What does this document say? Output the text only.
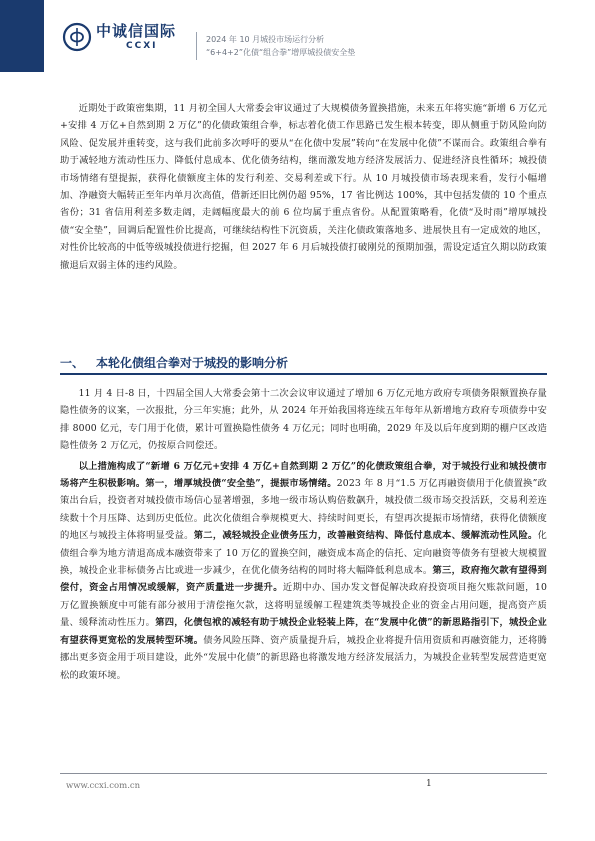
中诚信国际
CCXI
2024 年 10 月城投市场运行分析
“6+4+2”化债“组合拳”增厚城投债安全垫

近期处于政策密集期，11 月初全国人大常委会审议通过了大规模债务置换措施，未来五年将实施“新增 6 万亿元+安排 4 万亿+自然到期 2 万亿”的化债政策组合拳，标志着化债工作思路已发生根本转变，即从侧重于防风险向防风险、促发展并重转变，这与我们此前多次呼吁的要从“在化债中发展”转向“在发展中化债”不谋而合。政策组合拳有助于减轻地方流动性压力、降低付息成本、优化债务结构，继而激发地方经济发展活力、促进经济良性循环；城投债市场情绪有望提振，获得化债额度主体的发行利差、交易利差或下行。从 10 月城投债市场表现来看，发行小幅增加、净融资大幅转正至年内单月次高值，借新还旧比例仍超 95%，17 省比例达 100%，其中包括发债的 10 个重点省份；31 省信用利差多数走阔，走阔幅度最大的前 6 位均属于重点省份。从配置策略看，化债“及时雨”增厚城投债“安全垫”，回调后配置性价比提高，可继续结构性下沉资质，关注化债政策落地多、进展快且有一定成效的地区，对性价比较高的中低等级城投债进行挖掘，但 2027 年 6 月后城投债打破刚兑的预期加强，需设定适宜久期以防政策撤退后双弱主体的违约风险。

一、 本轮化债组合拳对于城投的影响分析

11 月 4 日-8 日，十四届全国人大常委会第十二次会议审议通过了增加 6 万亿元地方政府专项债务限额置换存量隐性债务的议案，一次报批，分三年实施；此外，从 2024 年开始我国将连续五年每年从新增地方政府专项债券中安排 8000 亿元，专门用于化债，累计可置换隐性债务 4 万亿元；同时也明确，2029 年及以后年度到期的棚户区改造隐性债务 2 万亿元，仍按原合同偿还。

以上措施构成了“新增 6 万亿元+安排 4 万亿+自然到期 2 万亿”的化债政策组合拳，对于城投行业和城投债市场将产生积极影响。第一，增厚城投债“安全垫”，提振市场情绪。2023 年 8 月“1.5 万亿再融资债用于化债置换”政策出台后，投资者对城投债市场信心显著增强，多地一级市场认购倍数飙升，城投债二级市场交投活跃，交易利差连续数十个月压降、达到历史低位。此次化债组合拳规模更大、持续时间更长，有望再次提振市场情绪，获得化债额度的地区与城投主体将明显受益。第二，减轻城投企业债务压力，改善融资结构、降低付息成本、缓解流动性风险。化债组合拳为地方清退高成本融资带来了 10 万亿的置换空间，融资成本高企的信托、定向融资等债务有望被大规模置换，城投企业非标债务占比或进一步减少，在优化债务结构的同时将大幅降低利息成本。第三，政府拖欠款有望得到偿付，资金占用情况或缓解，资产质量进一步提升。近期中办、国办发文督促解决政府投资项目拖欠账款问题，10 万亿置换额度中可能有部分被用于清偿拖欠款，这将明显缓解工程建筑类等城投企业的资金占用问题，提高资产质量、缓释流动性压力。第四，化债包袱的减轻有助于城投企业轻装上阵，在“发展中化债”的新思路指引下，城投企业有望获得更宽松的发展转型环境。债务风险压降、资产质量提升后，城投企业将提升信用资质和再融资能力，还将腾挪出更多资金用于项目建设，此外“发展中化债”的新思路也将激发地方经济发展活力，为城投企业转型发展营造更宽松的政策环境。

www.ccxi.com.cn	1
